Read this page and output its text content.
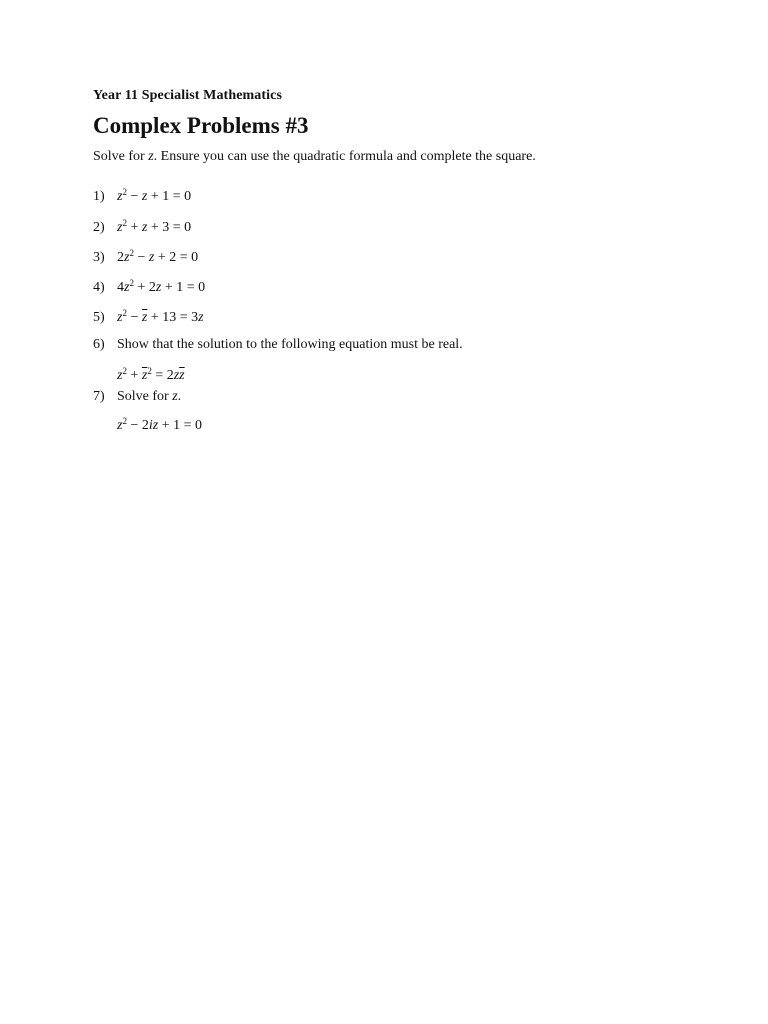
Year 11 Specialist Mathematics
Complex Problems #3
Solve for z. Ensure you can use the quadratic formula and complete the square.
1) $z^2 - z + 1 = 0$
2) $z^2 + z + 3 = 0$
3) $2z^2 - z + 2 = 0$
4) $4z^2 + 2z + 1 = 0$
5) $z^2 - \overline{z} + 13 = 3z$
6) Show that the solution to the following equation must be real.
$z^2 + \overline{z}^2 = 2z\overline{z}$
7) Solve for z.
$z^2 - 2iz + 1 = 0$
